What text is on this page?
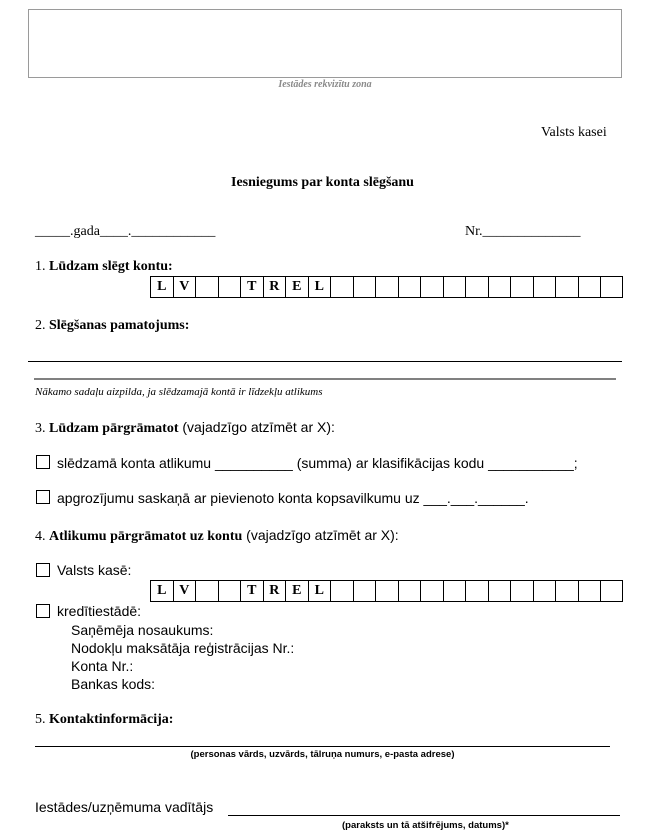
Iestādes rekvizītu zona
Valsts kasei
Iesniegums par konta slēgšanu
_____.gada____.____________	Nr.______________
1. Lūdzam slēgt kontu:
L V	T R E L
2. Slēgšanas pamatojums:
Nākamo sadaļu aizpilda, ja slēdzamajā kontā ir līdzekļu atlikums
3. Lūdzam pārgrāmatot (vajadzīgo atzīmēt ar X):
slēdzamā konta atlikumu __________ (summa) ar klasifikācijas kodu ___________;
apgrozījumu saskaņā ar pievienoto konta kopsavilkumu uz ___.___.______.
4. Atlikumu pārgrāmatot uz kontu (vajadzīgo atzīmēt ar X):
Valsts kasē:
L V	T R E L
kredītiestādē:
Saņēmēja nosaukums:
Nodokļu maksātāja reģistrācijas Nr.:
Konta Nr.:
Bankas kods:
5. Kontaktinformācija:
(personas vārds, uzvārds, tālruņa numurs, e-pasta adrese)
Iestādes/uzņēmuma vadītājs
(paraksts un tā atšifrējums, datums)*
